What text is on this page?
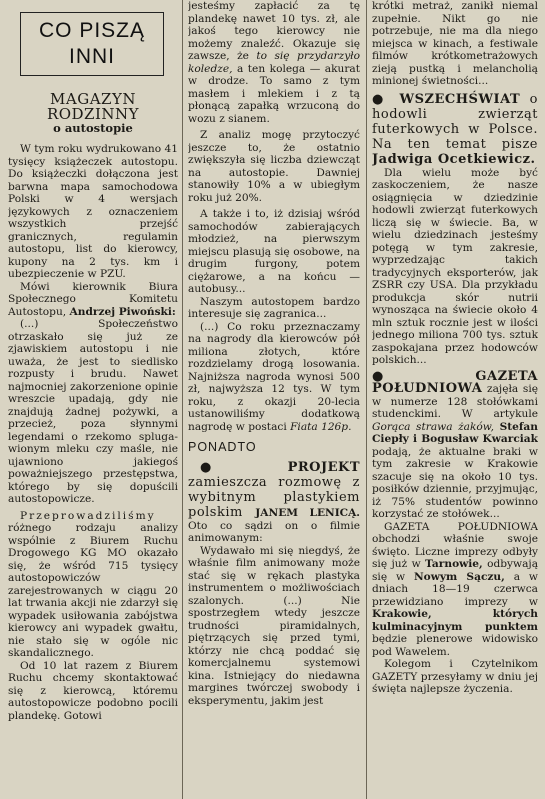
CO PISZĄ
INNI
MAGAZYN
RODZINNY
o autostopie

W tym roku wydrukowano 41 tysięcy książeczek autostopu. Do książeczki dołączona jest barwna mapa samochodowa Polski w 4 wersjach językowych z oznaczeniem wszystkich przejść granicznych, regulamin autostopu, list do kierowcy, kupony na 2 tys. km i ubezpieczenie w PZU.

Mówi kierownik Biura Społecznego Komitetu Autostopu, Andrzej Piwoński:

(...) Społeczeństwo otrzaskało się już ze zjawiskiem autostopu i nie uważa, że jest to siedlisko rozpusty i brudu. Nawet najmocniej zakorzenione opinie wreszcie upadają, gdy nie znajdują żadnej pożywki, a przecież, poza słynnymi legendami o rzekomo splugawionym mleku czy maśle, nie ujawniono jakiegoś poważniejszego przestępstwa, którego by się dopuścili autostopowicze.

Przeprowadziliśmy różnego rodzaju analizy wspólnie z Biurem Ruchu Drogowego KG MO okazało się, że wśród 715 tysięcy autostopowiczów zarejestrowanych w ciągu 20 lat trwania akcji nie zdarzył się wypadek usiłowania zabójstwa kierowcy ani wypadek gwałtu, nie stało się w ogóle nic skandalicznego.

Od 10 lat razem z Biurem Ruchu chcemy skontaktować się z kierowcą, któremu autostopowicze podobno pocili plandekę. Gotowi

jesteśmy zapłacić za tę plandekę nawet 10 tys. zł, ale jakoś tego kierowcy nie możemy znaleźć. Okazuje się zawsze, że to się przydarzyło koledze, a ten kolega — akurat w drodze. To samo z tym masłem i mlekiem i z tą płonącą zapałką wrzuconą do wozu z sianem.

Z analiz mogę przytoczyć jeszcze to, że ostatnio zwiększyła się liczba dziewcząt na autostopie. Dawniej stanowiły 10% a w ubiegłym roku już 20%.

A także i to, iż dzisiaj wśród samochodów zabierających młodzież, na pierwszym miejscu plasują się osobowe, na drugim furgony, potem ciężarowe, a na końcu — autobusy...

Naszym autostopem bardzo interesuje się zagranica...

(...) Co roku przeznaczamy na nagrody dla kierowców pół miliona złotych, które rozdzielamy drogą losowania. Najniższa nagroda wynosi 500 zł, najwyższa 12 tys. W tym roku, z okazji 20-lecia ustanowiliśmy dodatkową nagrodę w postaci Fiata 126p.

PONADTO

●	PROJEKT zamieszcza rozmowę z wybitnym plastykiem polskim JANEM LENICĄ. Oto co sądzi on o filmie animowanym:

Wydawało mi się niegdyś, że właśnie film animowany może stać się w rękach plastyka instrumentem o możliwościach szalonych. (...) Nie spostrzegłem wtedy jeszcze trudności piramidalnych, piętrzących się przed tymi, którzy nie chcą poddać się komercjalnemu systemowi kina. Istniejący do niedawna margines twórczej swobody i eksperymentu, jakim jest

krótki metraż, zanikł niemal zupełnie. Nikt go nie potrzebuje, nie ma dla niego miejsca w kinach, a festiwale filmów krótkometrażowych zieją pustką i melancholią minionej świetności...

● WSZECHŚWIAT o hodowli zwierząt futerkowych w Polsce. Na ten temat pisze Jadwiga Ocetkiewicz.

Dla wielu może być zaskoczeniem, że nasze osiągnięcia w dziedzinie hodowli zwierząt futerkowych liczą się w świecie. Ba, w wielu dziedzinach jesteśmy potęgą w tym zakresie, wyprzedzając takich tradycyjnych eksporterów, jak ZSRR czy USA. Dla przykładu produkcja skór nutrii wynosząca na świecie około 4 mln sztuk rocznie jest w ilości jednego miliona 700 tys. sztuk zaspokajana przez hodowców polskich...

●	GAZETA POŁUDNIOWA zajęła się w numerze 128 stołówkami studenckimi. W artykule Gorąca strawa żaków, Stefan Ciepły i Bogusław Kwarciak podają, że aktualne braki w tym zakresie w Krakowie szacuje się na około 10 tys. posiłków dziennie, przyjmując, iż 75% studentów powinno korzystać ze stołówek...

GAZETA POŁUDNIOWA obchodzi właśnie swoje święto. Liczne imprezy odbyły się już w Tarnowie, odbywają się w Nowym Sączu, a w dniach 18—19 czerwca przewidziano imprezy w Krakowie, których kulminacyjnym punktem będzie plenerowe widowisko pod Wawelem.

Kolegom i Czytelnikom GAZETY przesyłamy w dniu jej święta najlepsze życzenia.
